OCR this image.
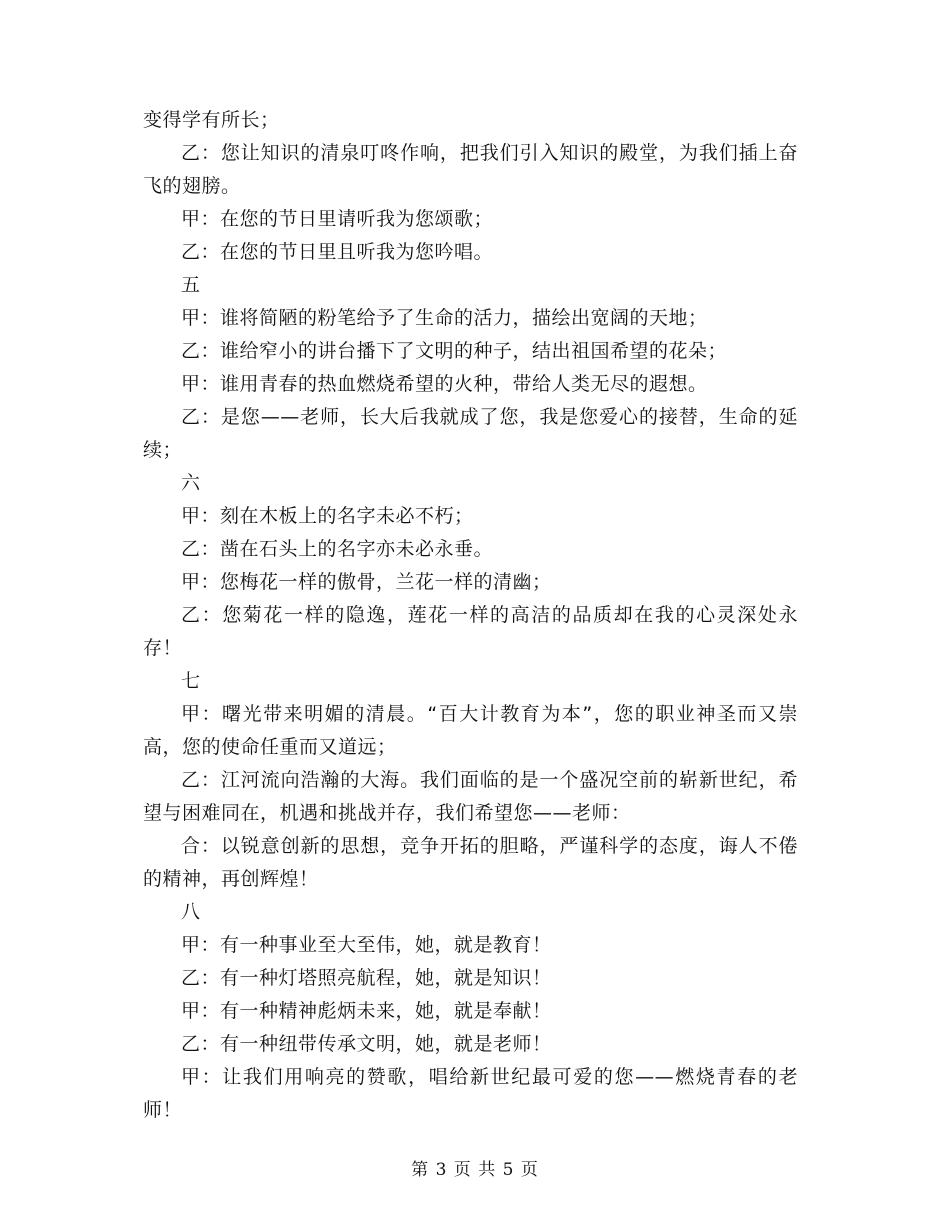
变得学有所长；

乙：您让知识的清泉叮咚作响，把我们引入知识的殿堂，为我们插上奋飞的翅膀。

甲：在您的节日里请听我为您颂歌；

乙：在您的节日里且听我为您吟唱。

五

甲：谁将简陋的粉笔给予了生命的活力，描绘出宽阔的天地；

乙：谁给窄小的讲台播下了文明的种子，结出祖国希望的花朵；

甲：谁用青春的热血燃烧希望的火种，带给人类无尽的遐想。

乙：是您——老师，长大后我就成了您，我是您爱心的接替，生命的延续；

六

甲：刻在木板上的名字未必不朽；

乙：凿在石头上的名字亦未必永垂。

甲：您梅花一样的傲骨，兰花一样的清幽；

乙：您菊花一样的隐逸，莲花一样的高洁的品质却在我的心灵深处永存！

七

甲：曙光带来明媚的清晨。“百大计教育为本”，您的职业神圣而又崇高，您的使命任重而又道远；

乙：江河流向浩瀚的大海。我们面临的是一个盛况空前的崭新世纪，希望与困难同在，机遇和挑战并存，我们希望您——老师：

合：以锐意创新的思想，竞争开拓的胆略，严谨科学的态度，诲人不倦的精神，再创辉煌！

八

甲：有一种事业至大至伟，她，就是教育！

乙：有一种灯塔照亮航程，她，就是知识！

甲：有一种精神彪炳未来，她，就是奉献！

乙：有一种纽带传承文明，她，就是老师！

甲：让我们用响亮的赞歌，唱给新世纪最可爱的您——燃烧青春的老师！

第 3 页 共 5 页
